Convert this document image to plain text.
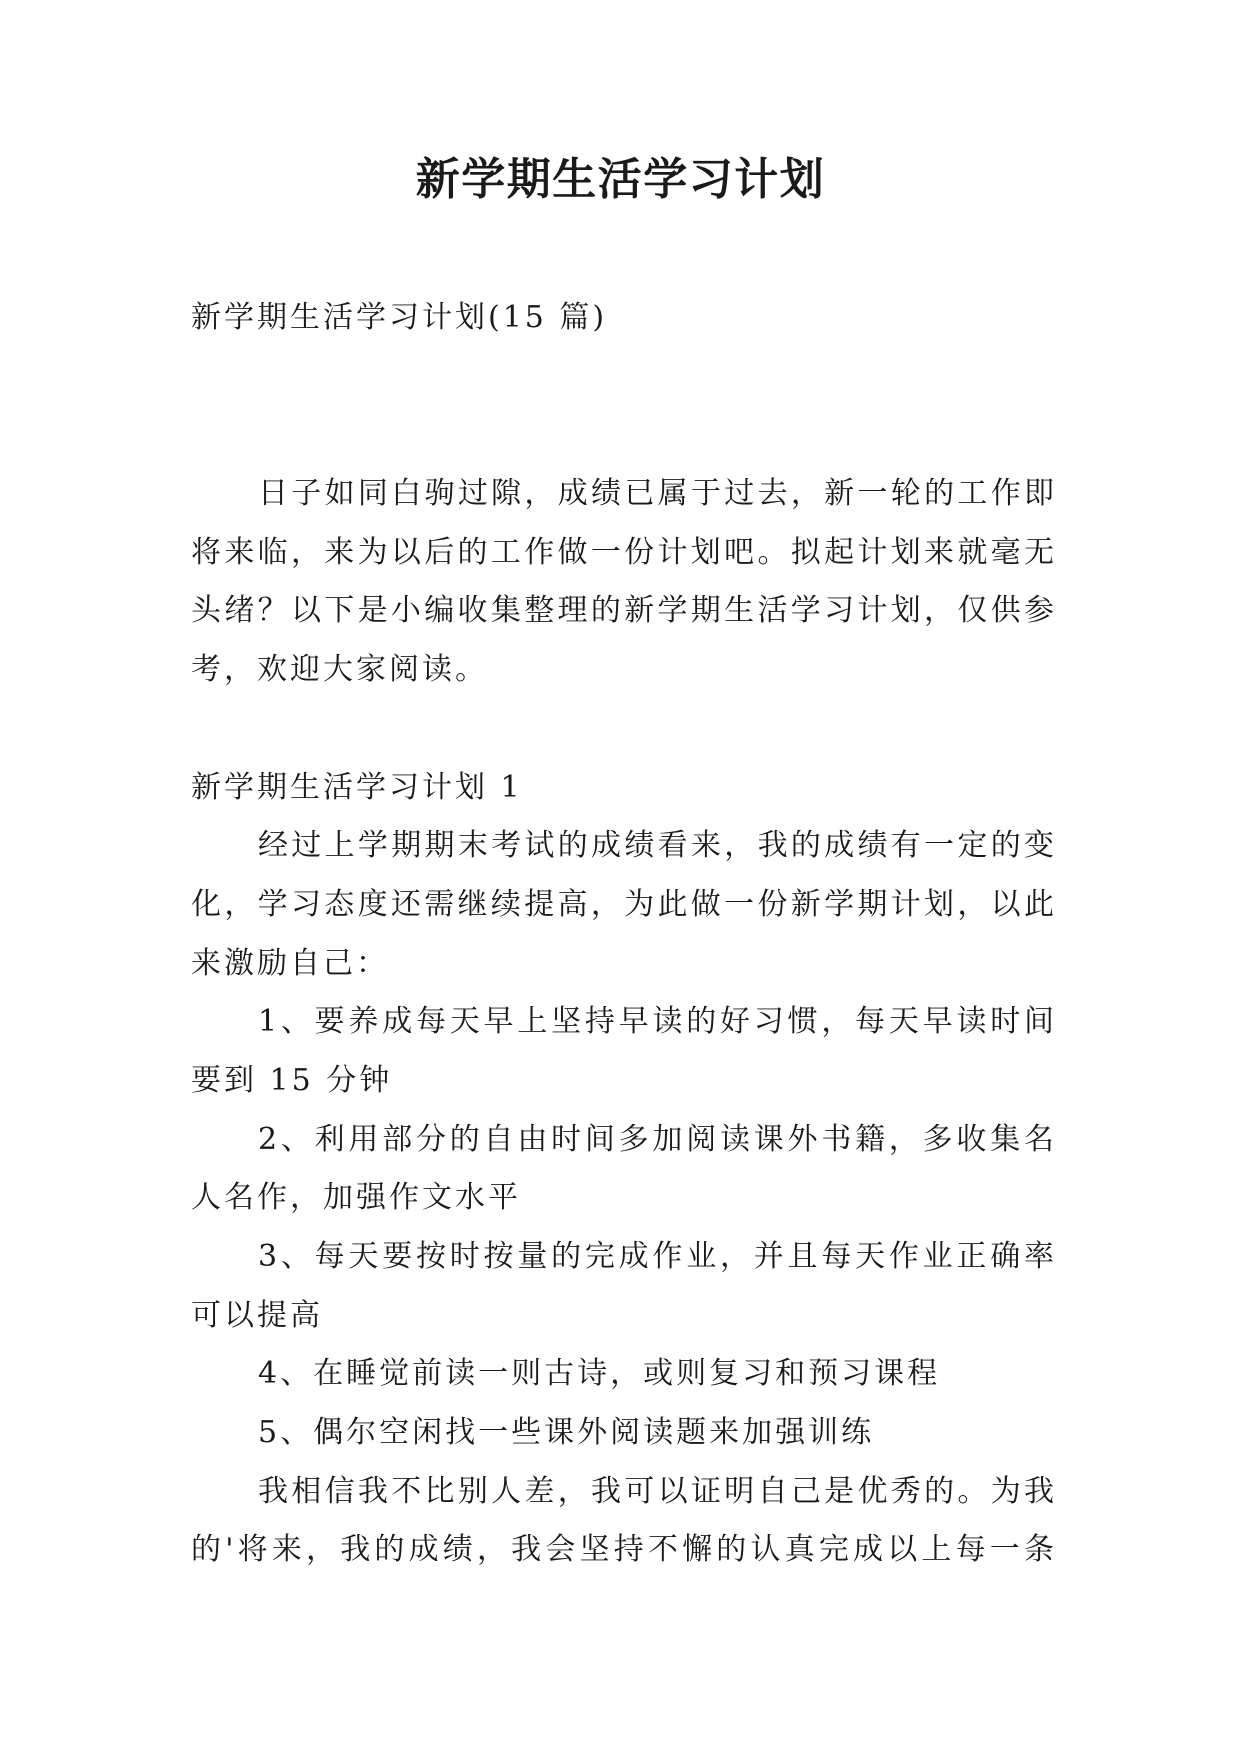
新学期生活学习计划
新学期生活学习计划(15 篇)
日子如同白驹过隙，成绩已属于过去，新一轮的工作即
将来临，来为以后的工作做一份计划吧。拟起计划来就毫无
头绪？以下是小编收集整理的新学期生活学习计划，仅供参
考，欢迎大家阅读。
新学期生活学习计划 1
经过上学期期末考试的成绩看来，我的成绩有一定的变
化，学习态度还需继续提高，为此做一份新学期计划，以此
来激励自己：
1、要养成每天早上坚持早读的好习惯，每天早读时间
要到 15 分钟
2、利用部分的自由时间多加阅读课外书籍，多收集名
人名作，加强作文水平
3、每天要按时按量的完成作业，并且每天作业正确率
可以提高
4、在睡觉前读一则古诗，或则复习和预习课程
5、偶尔空闲找一些课外阅读题来加强训练
我相信我不比别人差，我可以证明自己是优秀的。为我
的'将来，我的成绩，我会坚持不懈的认真完成以上每一条
